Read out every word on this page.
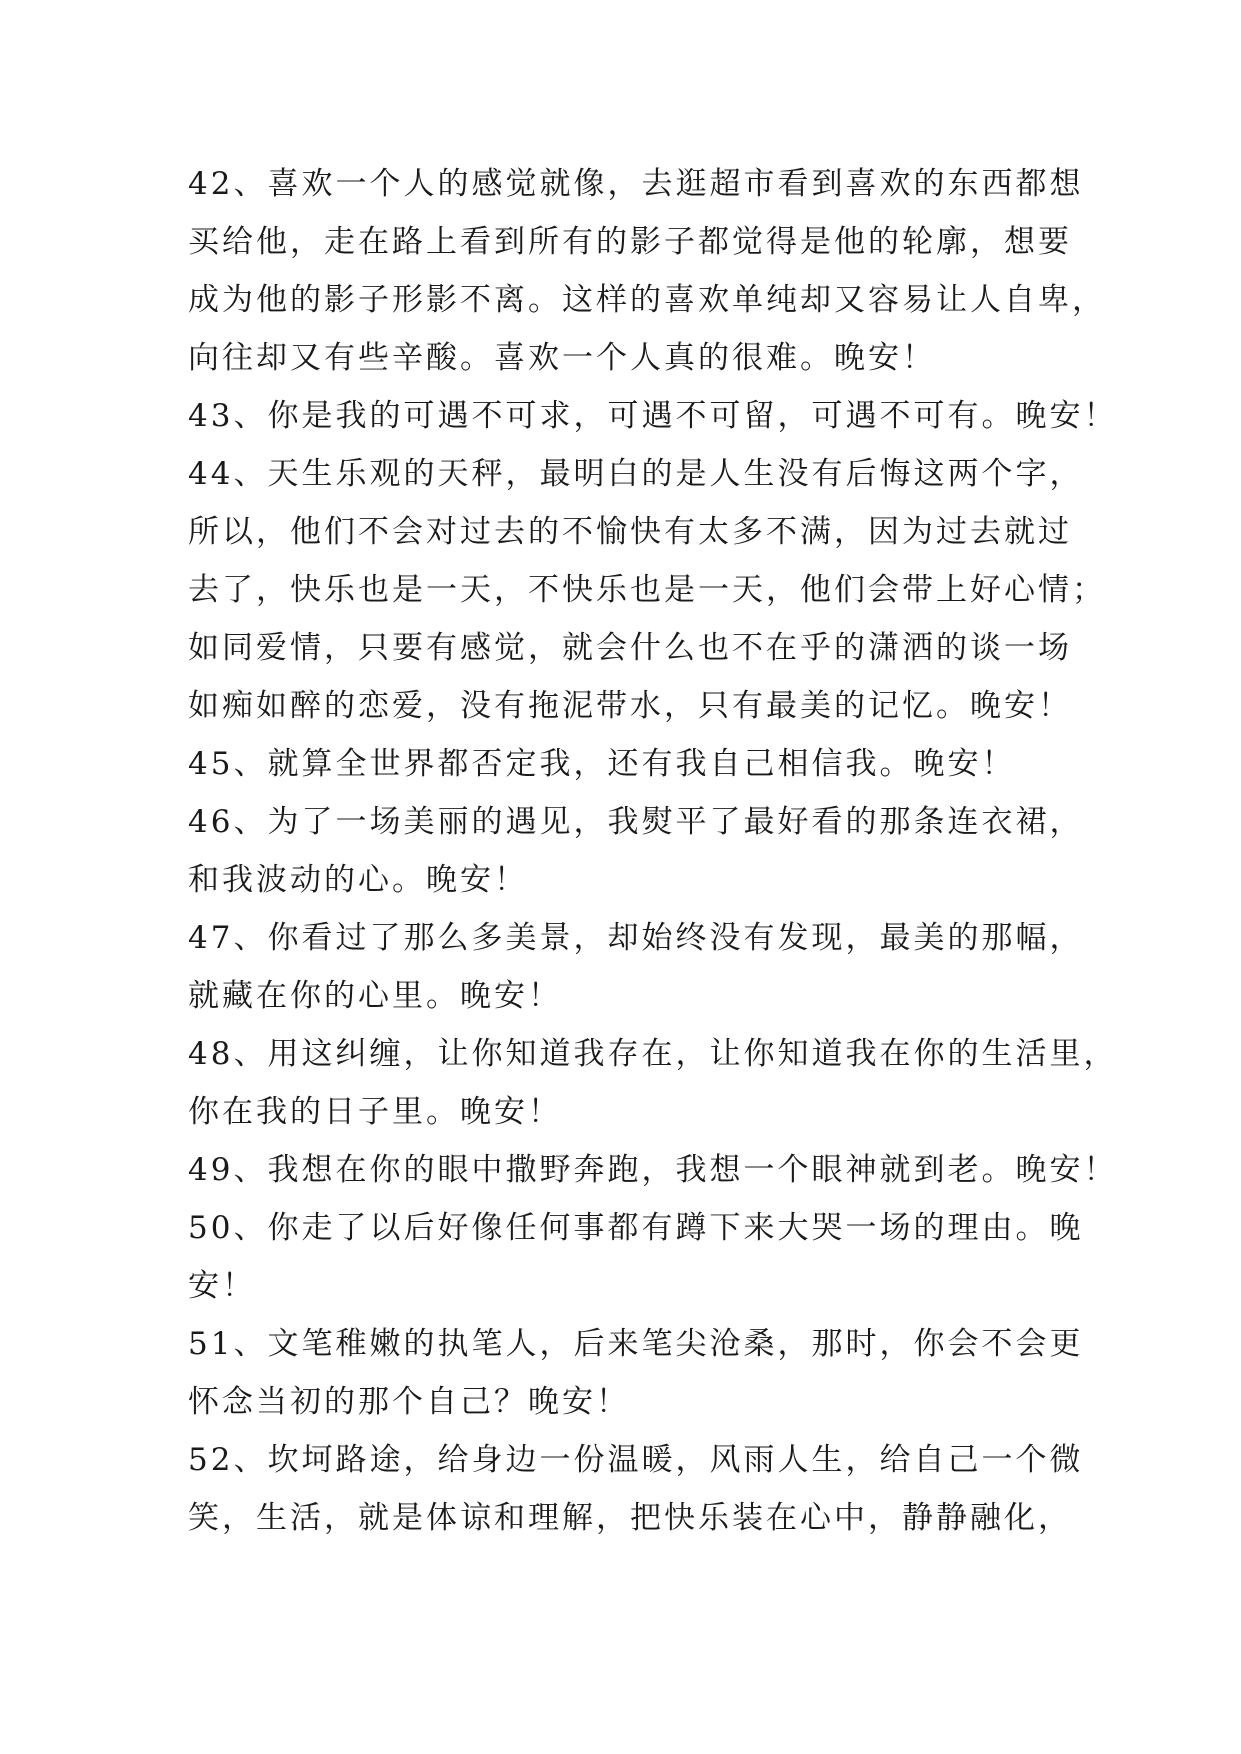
42、喜欢一个人的感觉就像，去逛超市看到喜欢的东西都想
买给他，走在路上看到所有的影子都觉得是他的轮廓，想要
成为他的影子形影不离。这样的喜欢单纯却又容易让人自卑，
向往却又有些辛酸。喜欢一个人真的很难。晚安！
43、你是我的可遇不可求，可遇不可留，可遇不可有。晚安！
44、天生乐观的天秤，最明白的是人生没有后悔这两个字，
所以，他们不会对过去的不愉快有太多不满，因为过去就过
去了，快乐也是一天，不快乐也是一天，他们会带上好心情；
如同爱情，只要有感觉，就会什么也不在乎的潇洒的谈一场
如痴如醉的恋爱，没有拖泥带水，只有最美的记忆。晚安！
45、就算全世界都否定我，还有我自己相信我。晚安！
46、为了一场美丽的遇见，我熨平了最好看的那条连衣裙，
和我波动的心。晚安！
47、你看过了那么多美景，却始终没有发现，最美的那幅，
就藏在你的心里。晚安！
48、用这纠缠，让你知道我存在，让你知道我在你的生活里，
你在我的日子里。晚安！
49、我想在你的眼中撒野奔跑，我想一个眼神就到老。晚安！
50、你走了以后好像任何事都有蹲下来大哭一场的理由。晚
安！
51、文笔稚嫩的执笔人，后来笔尖沧桑，那时，你会不会更
怀念当初的那个自己？晚安！
52、坎坷路途，给身边一份温暖，风雨人生，给自己一个微
笑，生活，就是体谅和理解，把快乐装在心中，静静融化，
